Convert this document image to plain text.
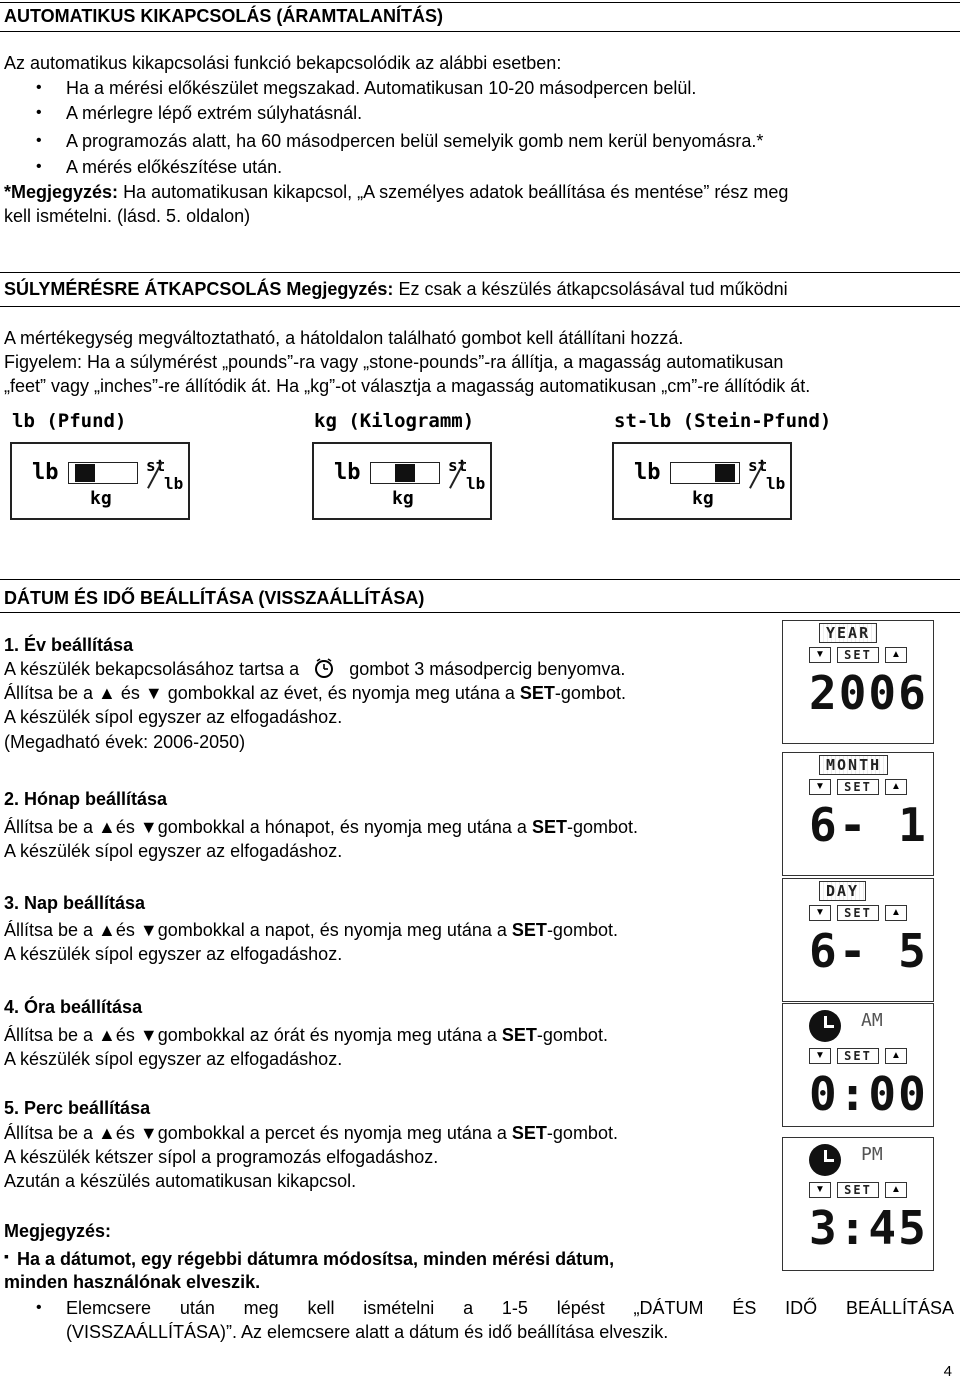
AUTOMATIKUS KIKAPCSOLÁS (ÁRAMTALANÍTÁS)
Az automatikus kikapcsolási funkció bekapcsolódik az alábbi esetben:
• Ha a mérési előkészület megszakad. Automatikusan 10-20 másodpercen belül.
• A mérlegre lépő extrém súlyhatásnál.
• A programozás alatt, ha 60 másodpercen belül semelyik gomb nem kerül benyomásra.*
• A mérés előkészítése után.
*Megjegyzés: Ha automatikusan kikapcsol, „A személyes adatok beállítása és mentése” rész meg
kell ismételni. (lásd. 5. oldalon)
SÚLYMÉRÉSRE ÁTKAPCSOLÁS Megjegyzés: Ez csak a készülés átkapcsolásával tud működni
A mértékegység megváltoztatható, a hátoldalon található gombot kell átállítani hozzá.
Figyelem: Ha a súlymérést „pounds”-ra vagy „stone-pounds”-ra állítja, a magasság automatikusan
„feet” vagy „inches”-re állítódik át. Ha „kg”-ot választja a magasság automatikusan „cm”-re állítódik át.
lb (Pfund)
lb
kg
st
lb
kg (Kilogramm)
lb
kg
st
lb
st-lb (Stein-Pfund)
lb
kg
st
lb
DÁTUM ÉS IDŐ BEÁLLÍTÁSA (VISSZAÁLLÍTÁSA)
1. Év beállítása
A készülék bekapcsolásához tartsa a	gombot 3 másodpercig benyomva.
Állítsa be a ▲ és ▼ gombokkal az évet, és nyomja meg utána a SET-gombot.
A készülék sípol egyszer az elfogadáshoz.
(Megadható évek: 2006-2050)
2. Hónap beállítása
Állítsa be a ▲és ▼gombokkal a hónapot, és nyomja meg utána a SET-gombot.
A készülék sípol egyszer az elfogadáshoz.
3. Nap beállítása
Állítsa be a ▲és ▼gombokkal a napot, és nyomja meg utána a SET-gombot.
A készülék sípol egyszer az elfogadáshoz.
4. Óra beállítása
Állítsa be a ▲és ▼gombokkal az órát és nyomja meg utána a SET-gombot.
A készülék sípol egyszer az elfogadáshoz.
5. Perc beállítása
Állítsa be a ▲és ▼gombokkal a percet és nyomja meg utána a SET-gombot.
A készülék kétszer sípol a programozás elfogadáshoz.
Azután a készülés automatikusan kikapcsol.
YEAR
▼	SET	▲
2006
MONTH
▼	SET	▲
6- 1
DAY
▼	SET	▲
6- 5
AM
▼	SET	▲
0:00
PM
▼	SET	▲
3:45
Megjegyzés:
▪ Ha a dátumot, egy régebbi dátumra módosítsa, minden mérési dátum,
minden használónak elveszik.
• Elemcsere után meg kell ismételni a 1-5 lépést „DÁTUM ÉS IDŐ BEÁLLÍTÁSA
(VISSZAÁLLÍTÁSA)”. Az elemcsere alatt a dátum és idő beállítása elveszik.
4
